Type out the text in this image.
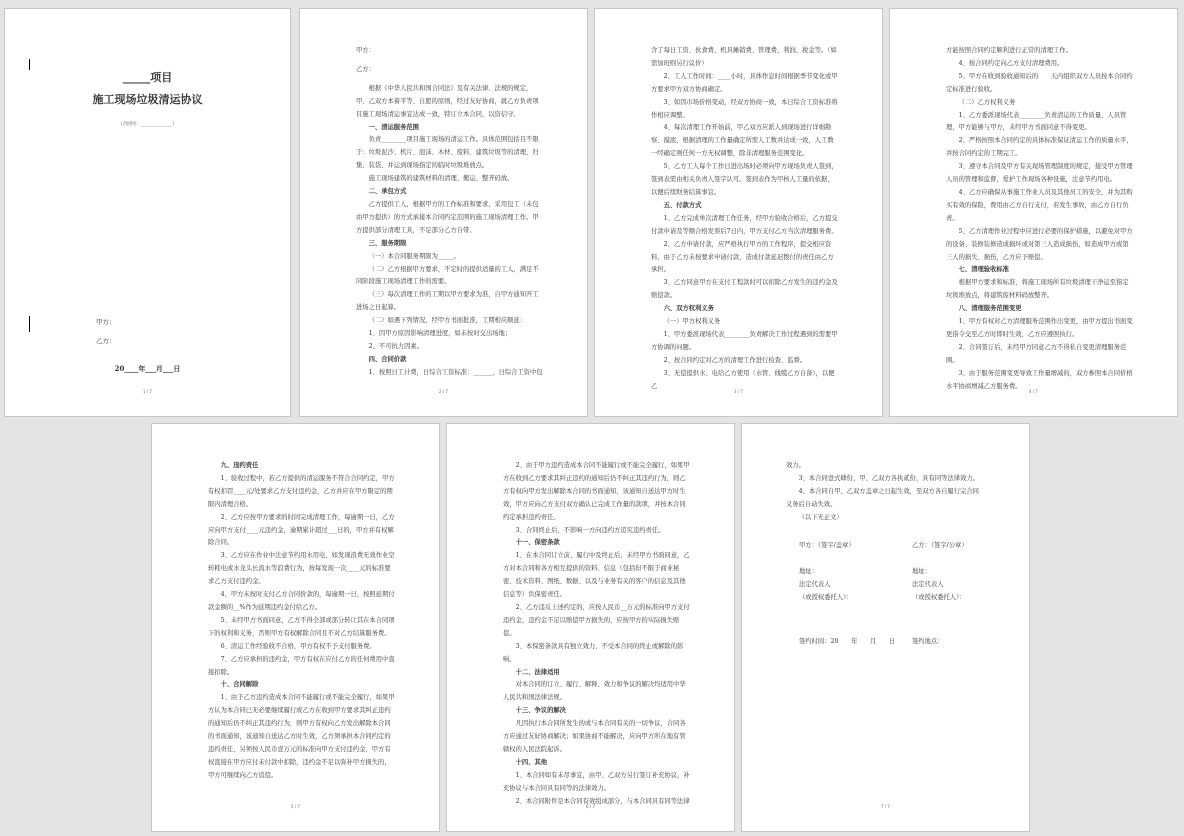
_____项目
施工现场垃圾清运协议
（合同号：______________）
甲方：
乙方：
20____年___月___日
1 / 7

甲方：

乙方：

根据《中华人民共和国合同法》及有关法律、法规的规定，甲、乙双方本着平等、自愿的原则，经过友好协商，就乙方负责项目施工现场清运事宜达成一致，特订立本合同，以资信守。

一、清运服务范围

负责________项目施工现场的清运工作。具体范围包括且不限于：垃圾泥沙、机片、泡沫、木材、废料、建筑垃圾等的清理、归集、装袋、并运到现场指定的临时垃圾堆放点。

施工现场建筑的建筑材料的清理、搬运、整齐码放。

二、承包方式

乙方提供工人，根据甲方的工作标准和要求，采用包工（未包由甲方提供）的方式承接本合同约定范围的施工现场清理工作。甲方提供部分清理工具，不足部分乙方自带。

三、服务期限

（一）本合同服务期限为_____。

（二）乙方根据甲方要求，不定时的提供适量的工人，满足不同阶段施工现场清理工作的需要。

（三）每次清理工作的工期以甲方要求为准，自甲方通知开工进场之日起算。

（二）如遇下列情况，经甲方书面批准，工期相应顺延：

1、因甲方原因影响清理进度，如未按时交出场地；

2、不可抗力因素。

四、合同价款

1、按照日工计费，日综合工资标准：______，日综合工资中包

2 / 7

含了每日工资、伙食费、机具摊销费、管理费、利润、税金等。（如需加班则另行议价）

2、工人工作时间：____小时，具体作息时间根据季节变化或甲方要求甲方双方协商确定。

3、如因市场价格变动，经双方协商一致，本日综合工资标准将作相应调整。

4、每次清理工作开始前，甲乙双方应派人到现场进行详细勘察、摸底，根据清理的工作量确定所需人工数并达成一致，人工数一经确定则任何一方无权调整，除非清理服务范围变化。

5、乙方工人每个工作日进出场时必须向甲方现场负责人签到，签到表需由相关负责人签字认可。签到表作为甲核人工量的依据，以便后续财务结算事宜。

五、付款方式

1、乙方完成单次清理工作任务，经甲方验收合格后，乙方提交付款申请及等额合格发票后7日内，甲方支付乙方当次清理服务费。

2、乙方申请付款，应严格执行甲方的工作程序，提交相应资料，由于乙方未按要求申请付款，造成付款延迟拨付的责任由乙方承担。

3、乙方同意甲方在支付工程款时可以扣除乙方发生的违约金及赔偿款。

六、双方权利义务

（一）甲方权利义务

1、甲方委派现场代表________负责解决工作过程遇到的需要甲方协调的问题。

2、按合同约定对乙方的清理工作进行检查、监督。

3、无偿提供水、电给乙方使用（水管、线缆乙方自备），以便乙

3 / 7

方能按照合同约定顺利进行正常的清理工作。

4、按合同约定向乙方支付清理费用。

5、甲方在收到验收通知后的　　天内组织双方人员按本合同约定标准进行验收。

（二）乙方权利义务

1、乙方委派现场代表________负责清运的工作质量、人员管理，甲方能够与甲方，未经甲方书面同意不得变更。

2、严格按照本合同约定的具体标准保证清运工作的质量水平，并按合同约定的工期完工。

3、遵守本合同及甲方有关现场管理制度的规定，接受甲方管理人员的管理和监督，爱护工作现场各种设施，注意节约用电。

4、乙方应确保从事施工作业人员及其他员工的安全，并为其购买有效的保险，费用由乙方自行支付，若发生事故，由乙方自行负责。

5、乙方清理作业过程中应进行必要的保护措施，以避免对甲方的设备、装修装修造成损坏或对第三人造成损伤，如造成甲方或第三人的损失、损伤，乙方应予赔偿。

七、清理验收标准

根据甲方要求和标准，将施工现场所有垃圾清理干净运至指定垃圾堆放点，将建筑废材料码放整齐。

八、清理服务范围变更

1、甲方有权对乙方清理服务范围作出变更，由甲方提出书面变更指令交至乙方时即时生效，乙方应遵照执行。

2、合同签订后，未经甲方同意乙方不得私自变更清理服务范围。

3、由于服务范围变更导致工作量增减的，双方参照本合同价格水平协商增减乙方服务费。

4 / 7

九、违约责任

1、验收过程中，若乙方提供的清运服务不符合合同约定，甲方有权扣罚____元/处要求乙方支付违约金，乙方并应在甲方限定的期限内清理合格。

2、乙方应按甲方要求的时间完成清理工作，每逾期一日，乙方应向甲方支付____元违约金，逾期累计超过___日的，甲方并有权解除合同。

3、乙方应在作业中注意节约用水用电，如发现浪费无效作业空转耗电或水龙头长流水等浪费行为，按每发现一次____元的标准要求乙方支付违约金。

4、甲方未按时支付乙方合同价款的，每逾期一日，按照延期付款金额的__%作为延期违约金付给乙方。

5、未经甲方书面同意，乙方不得全部或部分转让其在本合同项下的权利和义务，否则甲方有权解除合同且不对乙方结算服务费。

6、清运工作经验收不合格，甲方有权不予支付服务费。

7、乙方应承担的违约金，甲方有权在应付乙方的任何费用中直接扣除。

十、合同解除

1、由于乙方违约造成本合同不能履行或不能完全履行，如果甲方认为本合同已无必要继续履行或乙方在收到甲方要求其纠正违约的通知后仍不纠正其违约行为，则甲方有权向乙方发出解除本合同的书面通知，该通知自送达乙方时生效，乙方须承担本合同约定的违约责任，另须按人民币壹万元的标准向甲方支付违约金，甲方有权直接在甲方应付未付款中扣除，违约金不足以弥补甲方损失的，甲方可继续向乙方追偿。

5 / 7

2、由于甲方违约造成本合同不能履行或不能完全履行，如果甲方在收到乙方要求其纠正违约的通知后仍不纠正其违约行为，则乙方有权向甲方发出解除本合同的书面通知，该通知自送达甲方时生效，甲方应向乙方支付双方确认已完成工作量的款项，并按本合同约定承担违约责任。

3、合同终止后，不影响一方向违约方追究违约责任。

十一、保密条款

1、在本合同订立前、履行中及终止后，未经甲方书面同意，乙方对本合同和各方相互提供的资料、信息（包括但不限于商业秘密、技术资料、图纸、数据、以及与业务有关的客户的信息及其他信息等）负保密责任。

2、乙方违反上述约定的，应按人民币__万元的标准向甲方支付违约金，违约金不足以赔偿甲方损失的，应按甲方的实际损失赔偿。

3、本保密条款具有独立效力，不受本合同的终止或解除的影响。

十二、法律适用

对本合同的订立、履行、解释、效力和争议的解决均适用中华人民共和国法律法规。

十三、争议的解决

凡因执行本合同所发生的或与本合同有关的一切争议，合同各方应通过友好协商解决；如果协商不能解决，应向甲方所在地有管辖权的人民法院起诉。

十四、其他

1、本合同如有未尽事宜，由甲、乙双方另行签订补充协议，补充协议与本合同具有同等的法律效力。

2、本合同附件是本合同有效组成部分，与本合同具有同等法律

6 / 7

效力。

3、本合同壹式肆份，甲、乙双方各执贰份，具有同等法律效力。

4、本合同自甲、乙双方盖章之日起生效，至双方各自履行完合同义务后自动失效。

（以下无正文）

甲方：（签字/盖章）	乙方：（签字/公章）
地址：	地址：
法定代表人	法定代表人
（或授权委托人）：	（或授权委托人）：
签约时间：20　　年　　月　　日	签约地点：
7 / 7
